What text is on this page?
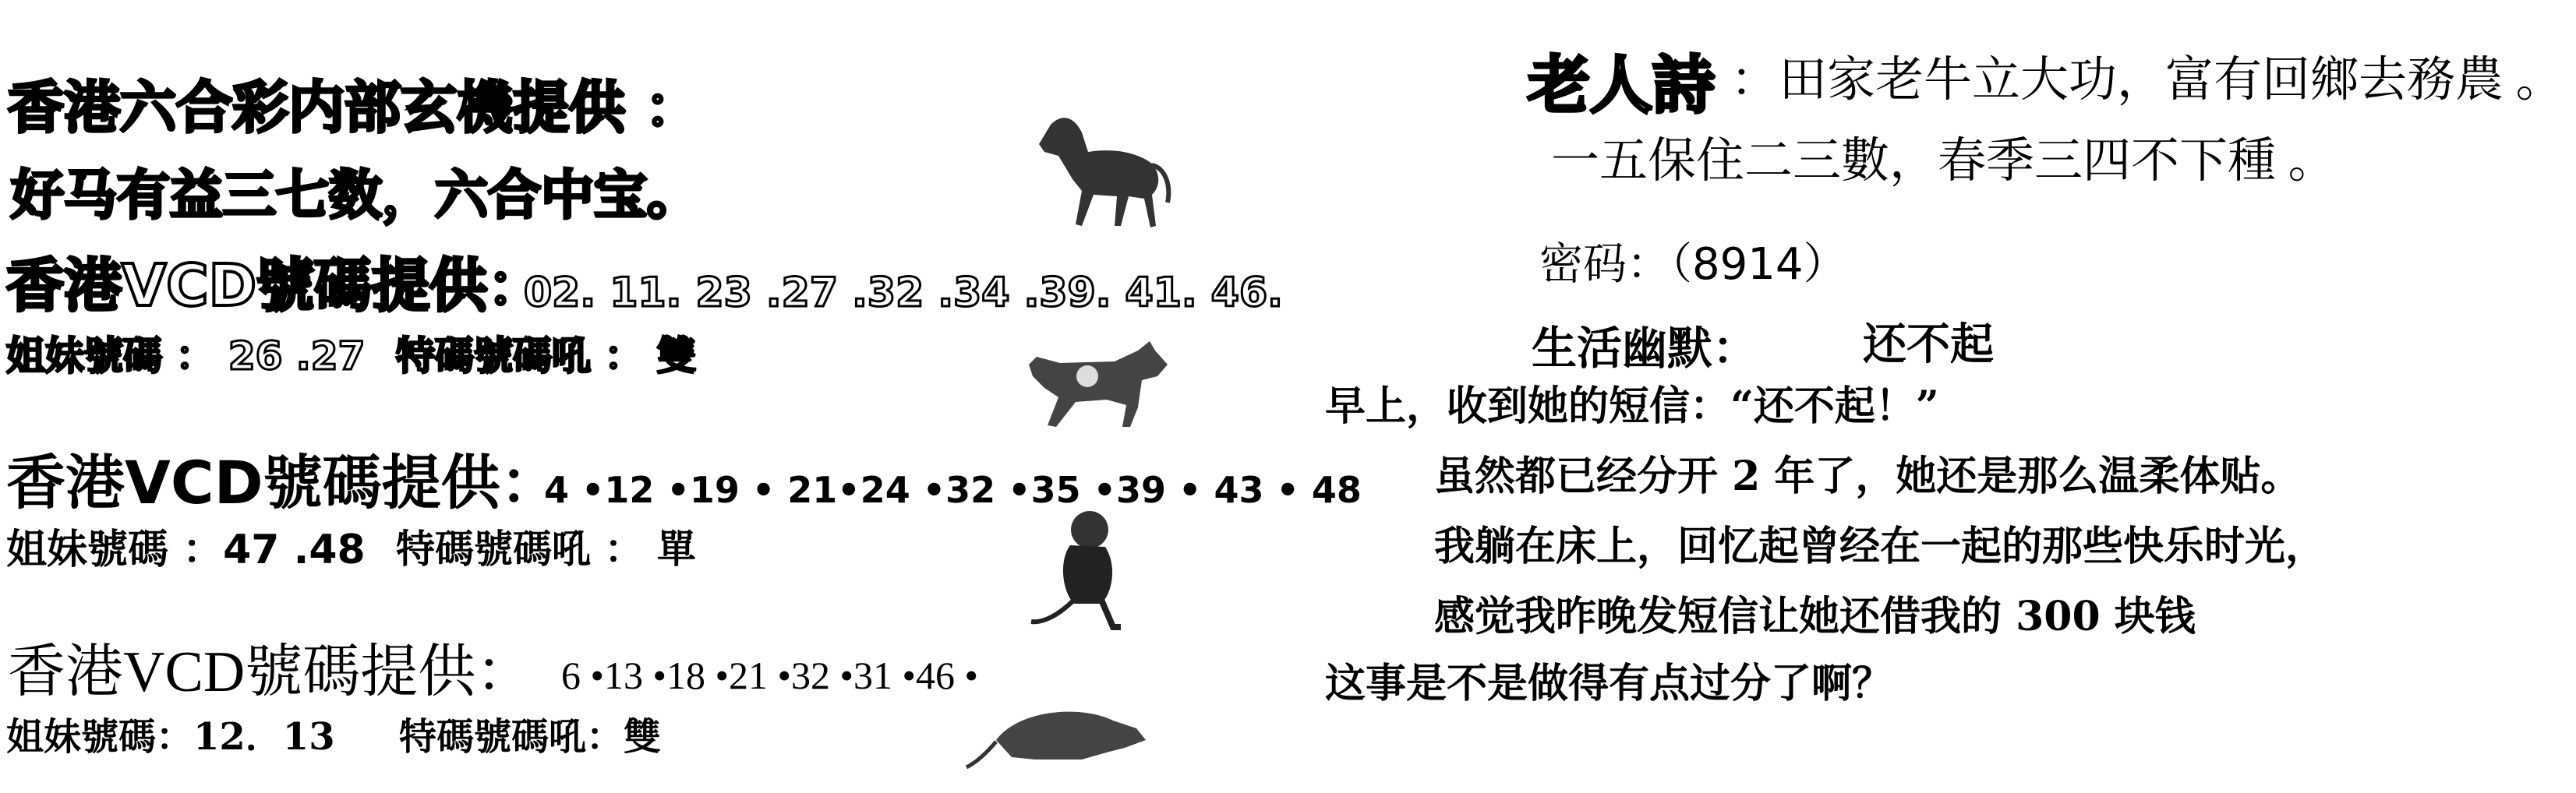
香港六合彩内部玄機提供 ：
好马有益三七数，六合中宝。
香港VCD號碼提供：
02. 11. 23 .27 .32 .34 .39. 41. 46.
姐妹號碼 ： 26 .27 特碼號碼吼 ： 雙
香港VCD號碼提供：
4 •12 •19 • 21•24 •32 •35 •39 • 43 • 48
姐妹號碼 ：47 .48 特碼號碼吼 ： 單
香港VCD號碼提供： 6 •13 •18 •21 •32 •31 •46 •
姐妹號碼：12．13 特碼號碼吼：雙
老人詩 ：田家老牛立大功，富有回鄉去務農 。
一五保住二三數，春季三四不下種 。
密码：（8914）
生活幽默： 还不起
早上，收到她的短信：“还不起！”
虽然都已经分开 2 年了，她还是那么温柔体贴。
我躺在床上，回忆起曾经在一起的那些快乐时光，
感觉我昨晚发短信让她还借我的 300 块钱
这事是不是做得有点过分了啊？
